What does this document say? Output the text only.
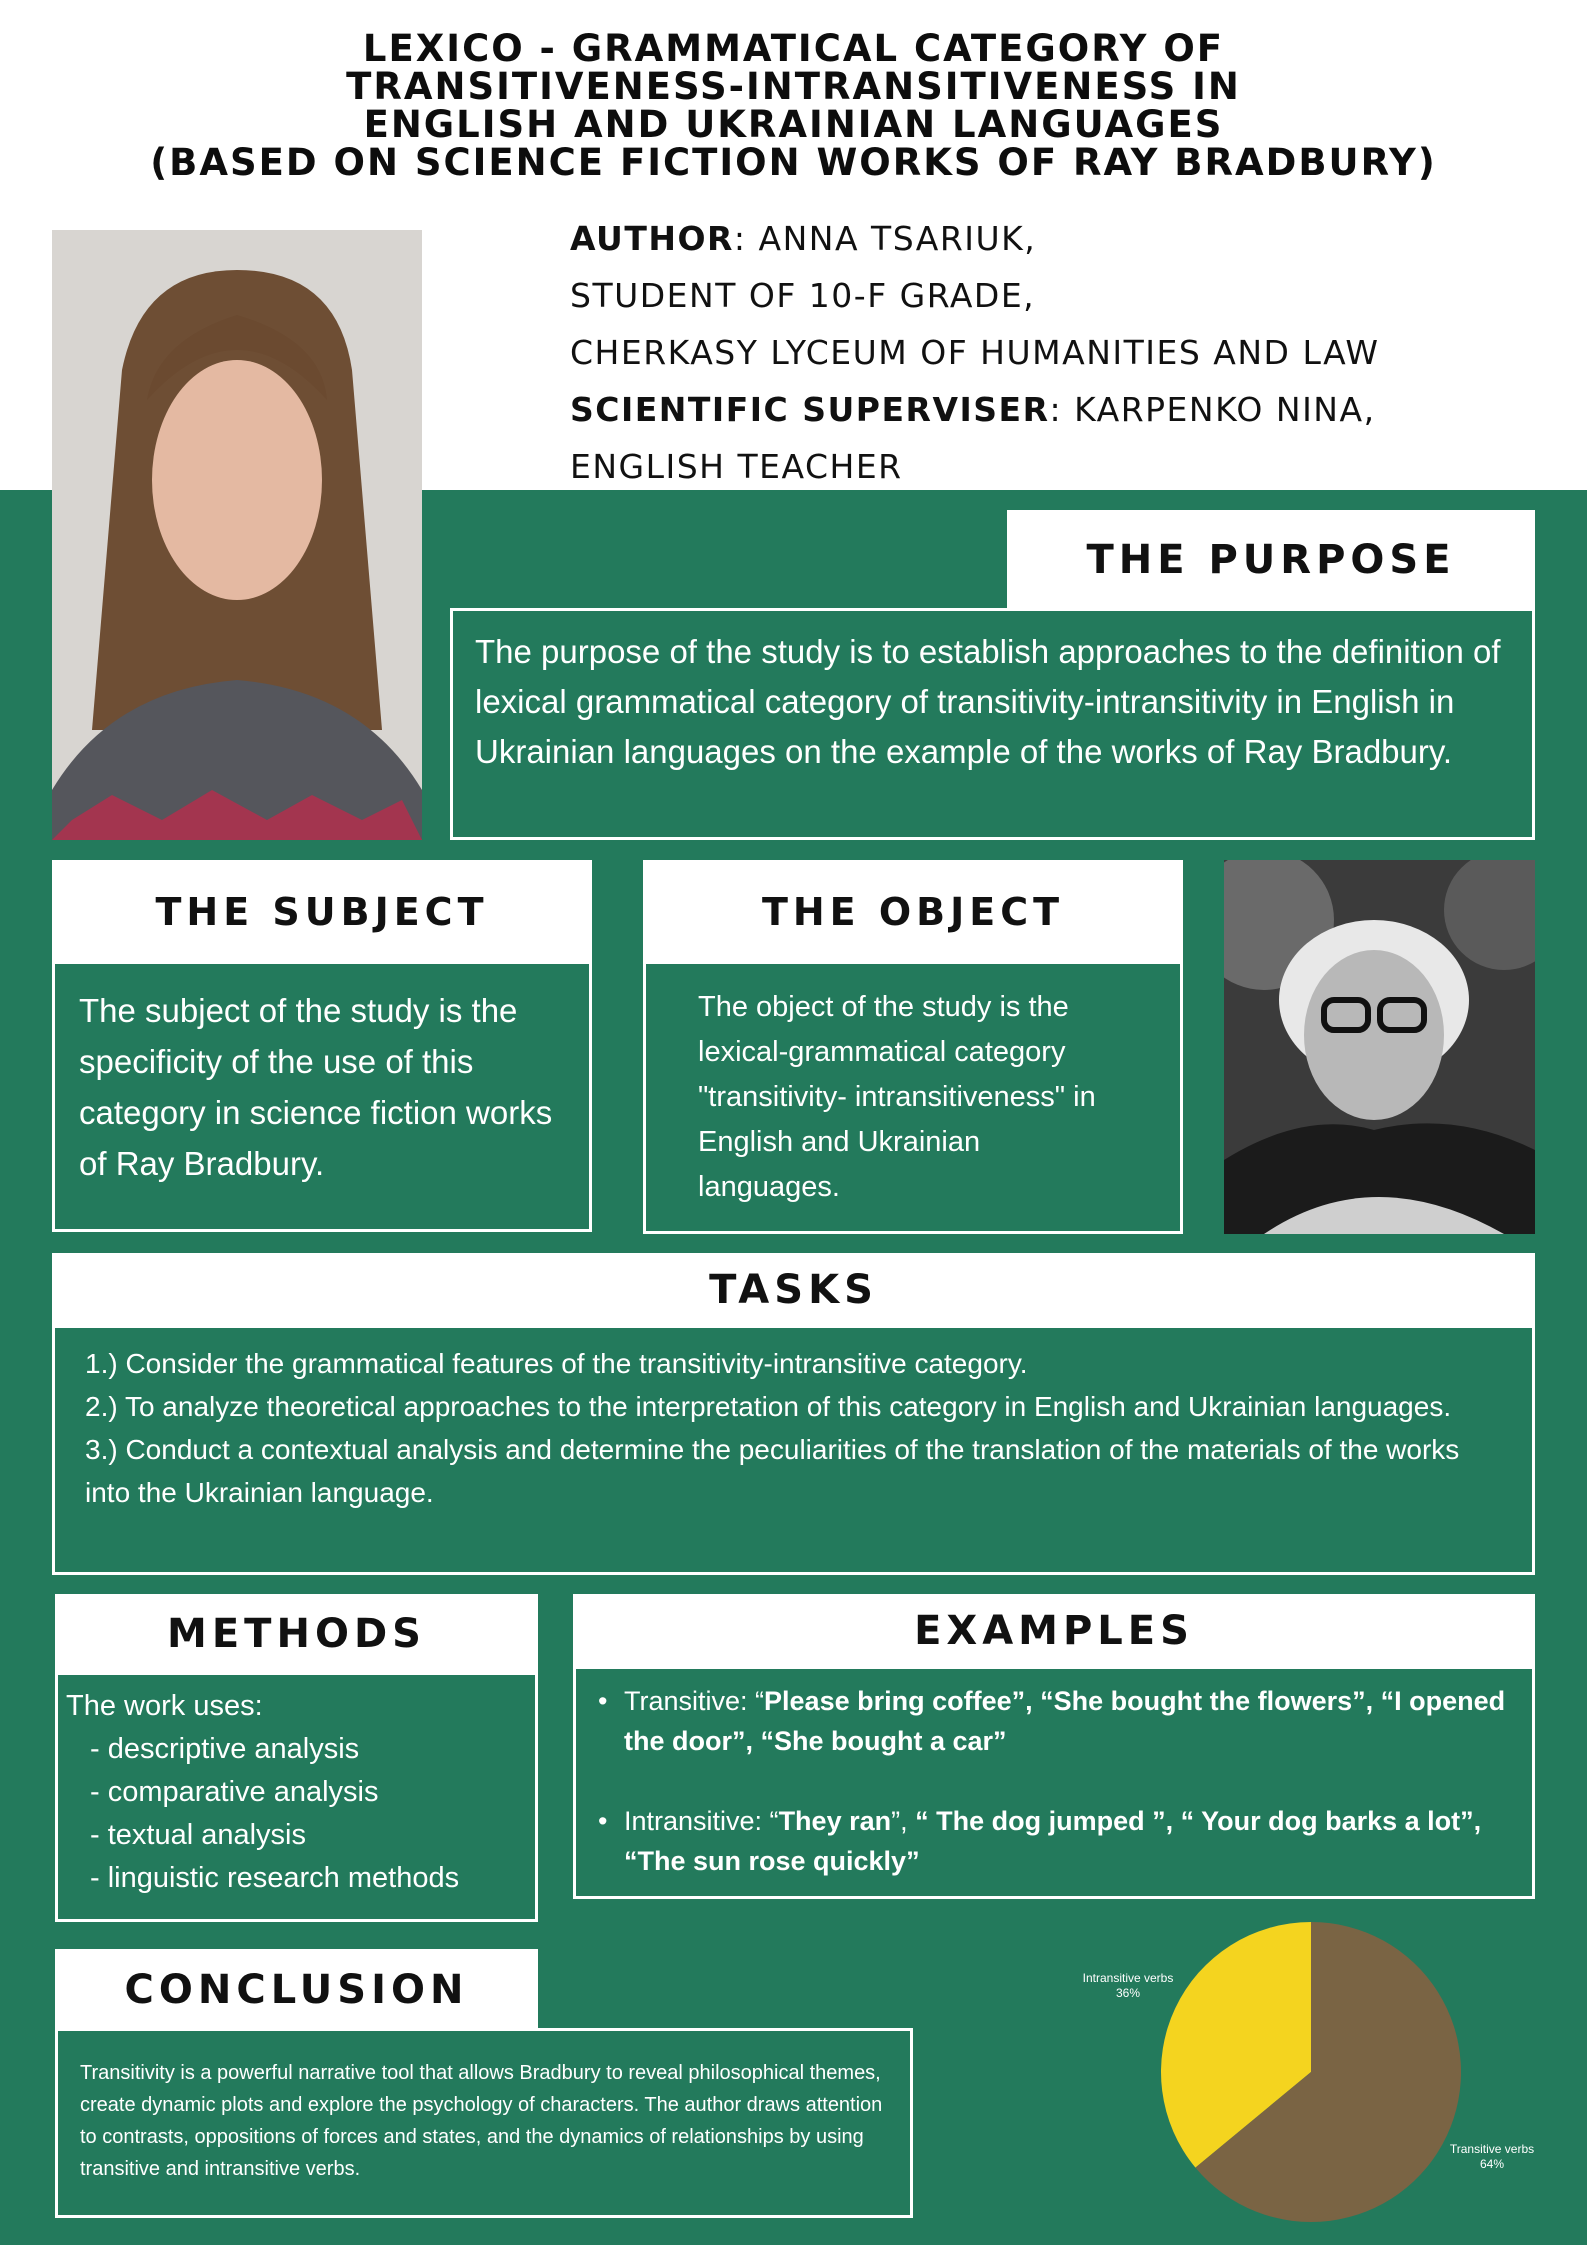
LEXICO - GRAMMATICAL CATEGORY OF
TRANSITIVENESS-INTRANSITIVENESS IN
ENGLISH AND UKRAINIAN LANGUAGES
(BASED ON SCIENCE FICTION WORKS OF RAY BRADBURY)
AUTHOR: ANNA TSARIUK,
STUDENT OF 10-F GRADE,
CHERKASY LYCEUM OF HUMANITIES AND LAW
SCIENTIFIC SUPERVISER: KARPENKO NINA,
ENGLISH TEACHER
THE PURPOSE

The purpose of the study is to establish approaches to the definition of lexical grammatical category of transitivity-intransitivity in English in Ukrainian languages on the example of the works of Ray Bradbury.

THE SUBJECT

The subject of the study is the specificity of the use of this category in science fiction works of Ray Bradbury.

THE OBJECT

The object of the study is the lexical-grammatical category "transitivity- intransitiveness" in English and Ukrainian languages.

TASKS

1.) Consider the grammatical features of the transitivity-intransitive category.

2.) To analyze theoretical approaches to the interpretation of this category in English and Ukrainian languages.

3.) Conduct a contextual analysis and determine the peculiarities of the translation of the materials of the works into the Ukrainian language.

METHODS

The work uses:

- descriptive analysis
- comparative analysis
- textual analysis
- linguistic research methods
EXAMPLES
• Transitive: “Please bring coffee”, “She bought the flowers”, “I opened the door”, “She bought a car”
• Intransitive: “They ran”, “ The dog jumped ”, “ Your dog barks a lot”, “The sun rose quickly”
CONCLUSION

Transitivity is a powerful narrative tool that allows Bradbury to reveal philosophical themes, create dynamic plots and explore the psychology of characters. The author draws attention to contrasts, oppositions of forces and states, and the dynamics of relationships by using transitive and intransitive verbs.

Intransitive verbs
36%
Transitive verbs
64%
